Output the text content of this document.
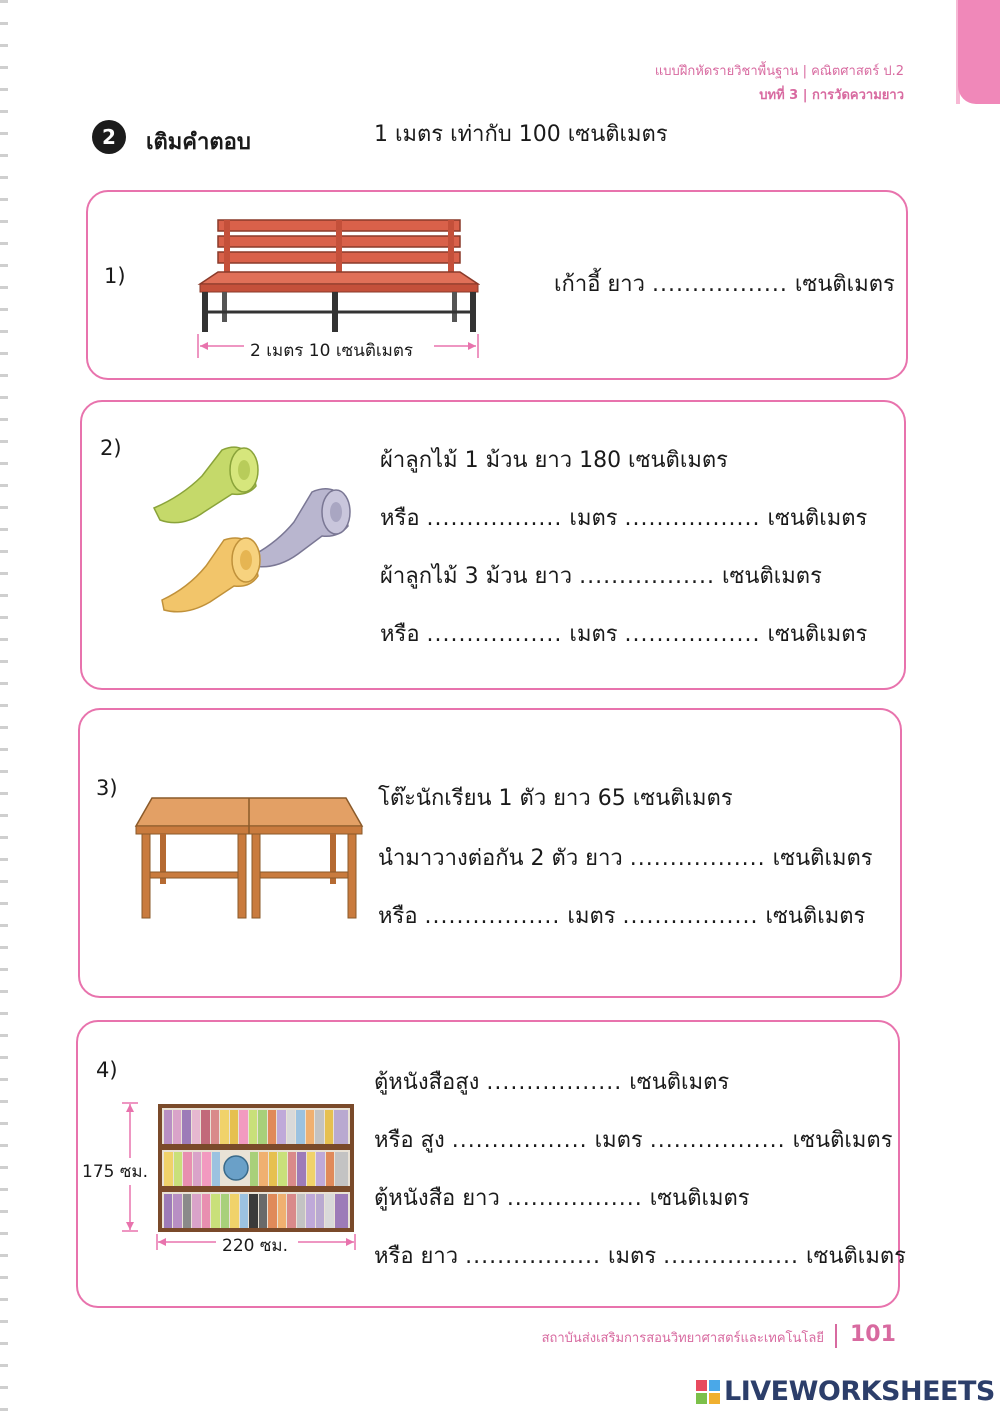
แบบฝึกหัดรายวิชาพื้นฐาน | คณิตศาสตร์ ป.2
บทที่ 3 | การวัดความยาว
2	เติมคำตอบ	1 เมตร เท่ากับ 100 เซนติเมตร
1)
2 เมตร 10 เซนติเมตร
เก้าอี้ ยาว ................. เซนติเมตร
2)	ผ้าลูกไม้ 1 ม้วน ยาว 180 เซนติเมตร
หรือ ................. เมตร ................. เซนติเมตร
ผ้าลูกไม้ 3 ม้วน ยาว ................. เซนติเมตร
หรือ ................. เมตร ................. เซนติเมตร
3)	โต๊ะนักเรียน 1 ตัว ยาว 65 เซนติเมตร
นำมาวางต่อกัน 2 ตัว ยาว ................. เซนติเมตร
หรือ ................. เมตร ................. เซนติเมตร
4)
175 ซม.
220 ซม.
ตู้หนังสือสูง ................. เซนติเมตร
หรือ สูง ................. เมตร ................. เซนติเมตร
ตู้หนังสือ ยาว ................. เซนติเมตร
หรือ ยาว ................. เมตร ................. เซนติเมตร
สถาบันส่งเสริมการสอนวิทยาศาสตร์และเทคโนโลยี 101
LIVEWORKSHEETS
